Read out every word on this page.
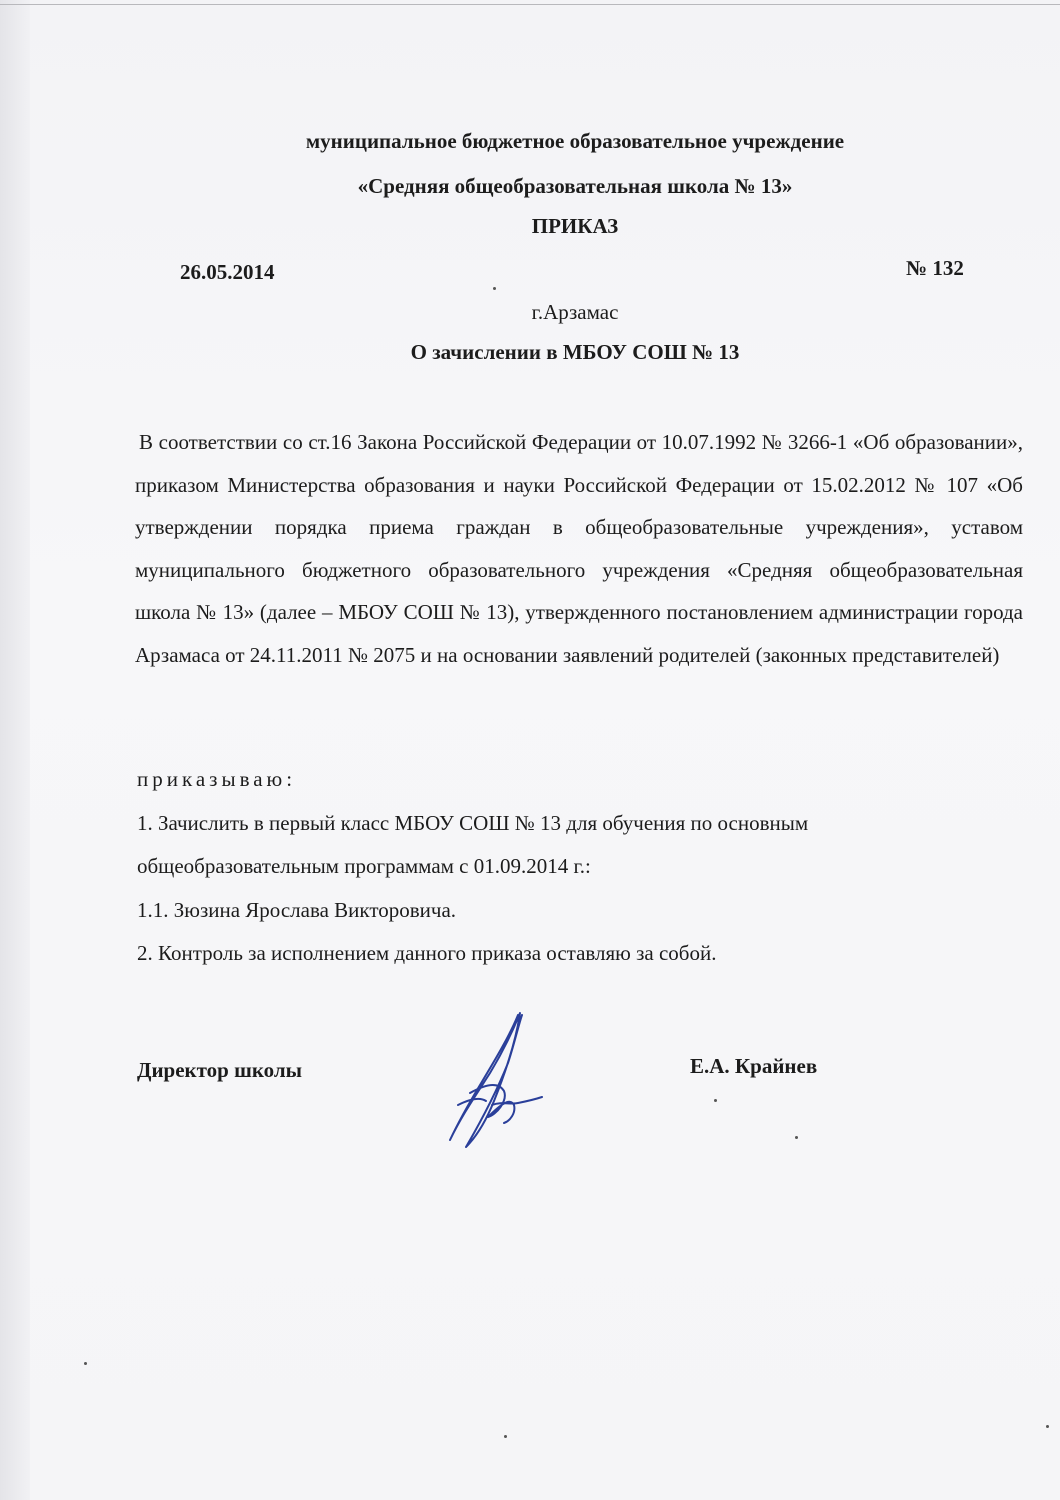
муниципальное бюджетное образовательное учреждение
«Средняя общеобразовательная школа № 13»
ПРИКАЗ
26.05.2014	№ 132
г.Арзамас
О зачислении в МБОУ СОШ № 13

В соответствии со ст.16 Закона Российской Федерации от 10.07.1992 № 3266-1 «Об образовании», приказом Министерства образования и науки Российской Федерации от 15.02.2012 № 107 «Об утверждении порядка приема граждан в общеобразовательные учреждения», уставом муниципального бюджетного образовательного учреждения «Средняя общеобразовательная школа № 13» (далее – МБОУ СОШ № 13), утвержденного постановлением администрации города Арзамаса от 24.11.2011 № 2075 и на основании заявлений родителей (законных представителей)

приказываю:
1. Зачислить в первый класс МБОУ СОШ № 13 для обучения по основным
общеобразовательным программам с 01.09.2014 г.:
1.1. Зюзина Ярослава Викторовича.
2. Контроль за исполнением данного приказа оставляю за собой.
Директор школы	Е.А. Крайнев
